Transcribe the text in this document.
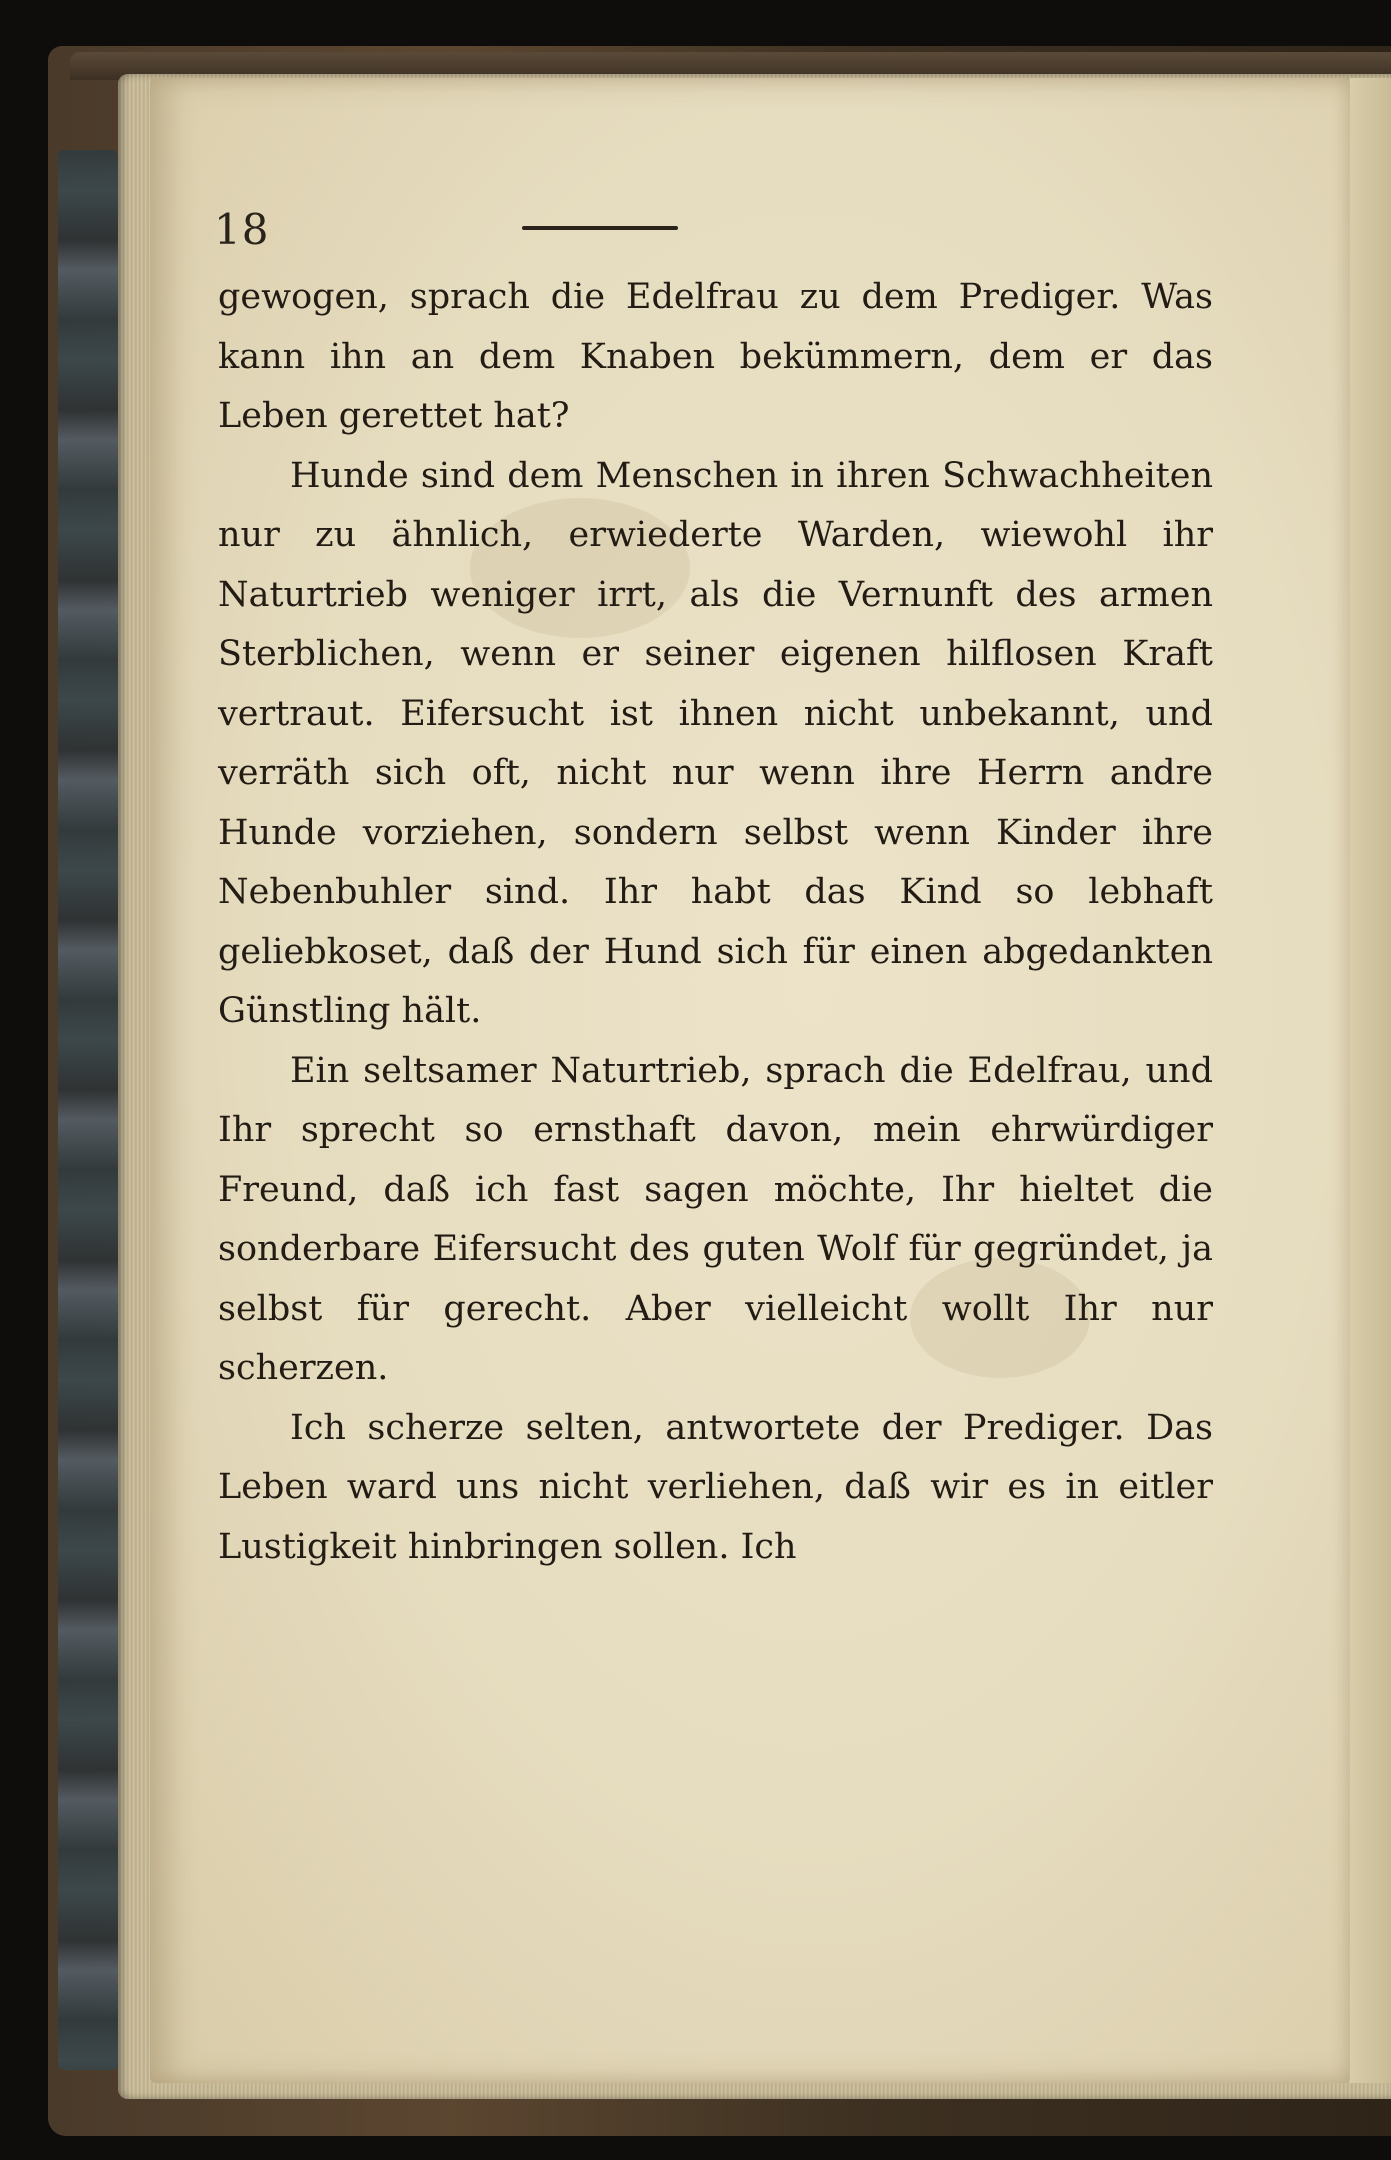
18

gewogen, sprach die Edelfrau zu dem Prediger. Was kann ihn an dem Knaben bekümmern, dem er das Leben gerettet hat?

Hunde sind dem Menschen in ihren Schwachheiten nur zu ähnlich, erwiederte Warden, wiewohl ihr Naturtrieb weniger irrt, als die Vernunft des armen Sterblichen, wenn er seiner eigenen hilflosen Kraft vertraut. Eifersucht ist ihnen nicht unbekannt, und verräth sich oft, nicht nur wenn ihre Herrn andre Hunde vorziehen, sondern selbst wenn Kinder ihre Nebenbuhler sind. Ihr habt das Kind so lebhaft geliebkoset, daß der Hund sich für einen abgedankten Günstling hält.

Ein seltsamer Naturtrieb, sprach die Edelfrau, und Ihr sprecht so ernsthaft davon, mein ehrwürdiger Freund, daß ich fast sagen möchte, Ihr hieltet die sonderbare Eifersucht des guten Wolf für gegründet, ja selbst für gerecht. Aber vielleicht wollt Ihr nur scherzen.

Ich scherze selten, antwortete der Prediger. Das Leben ward uns nicht verliehen, daß wir es in eitler Lustigkeit hinbringen sollen. Ich
